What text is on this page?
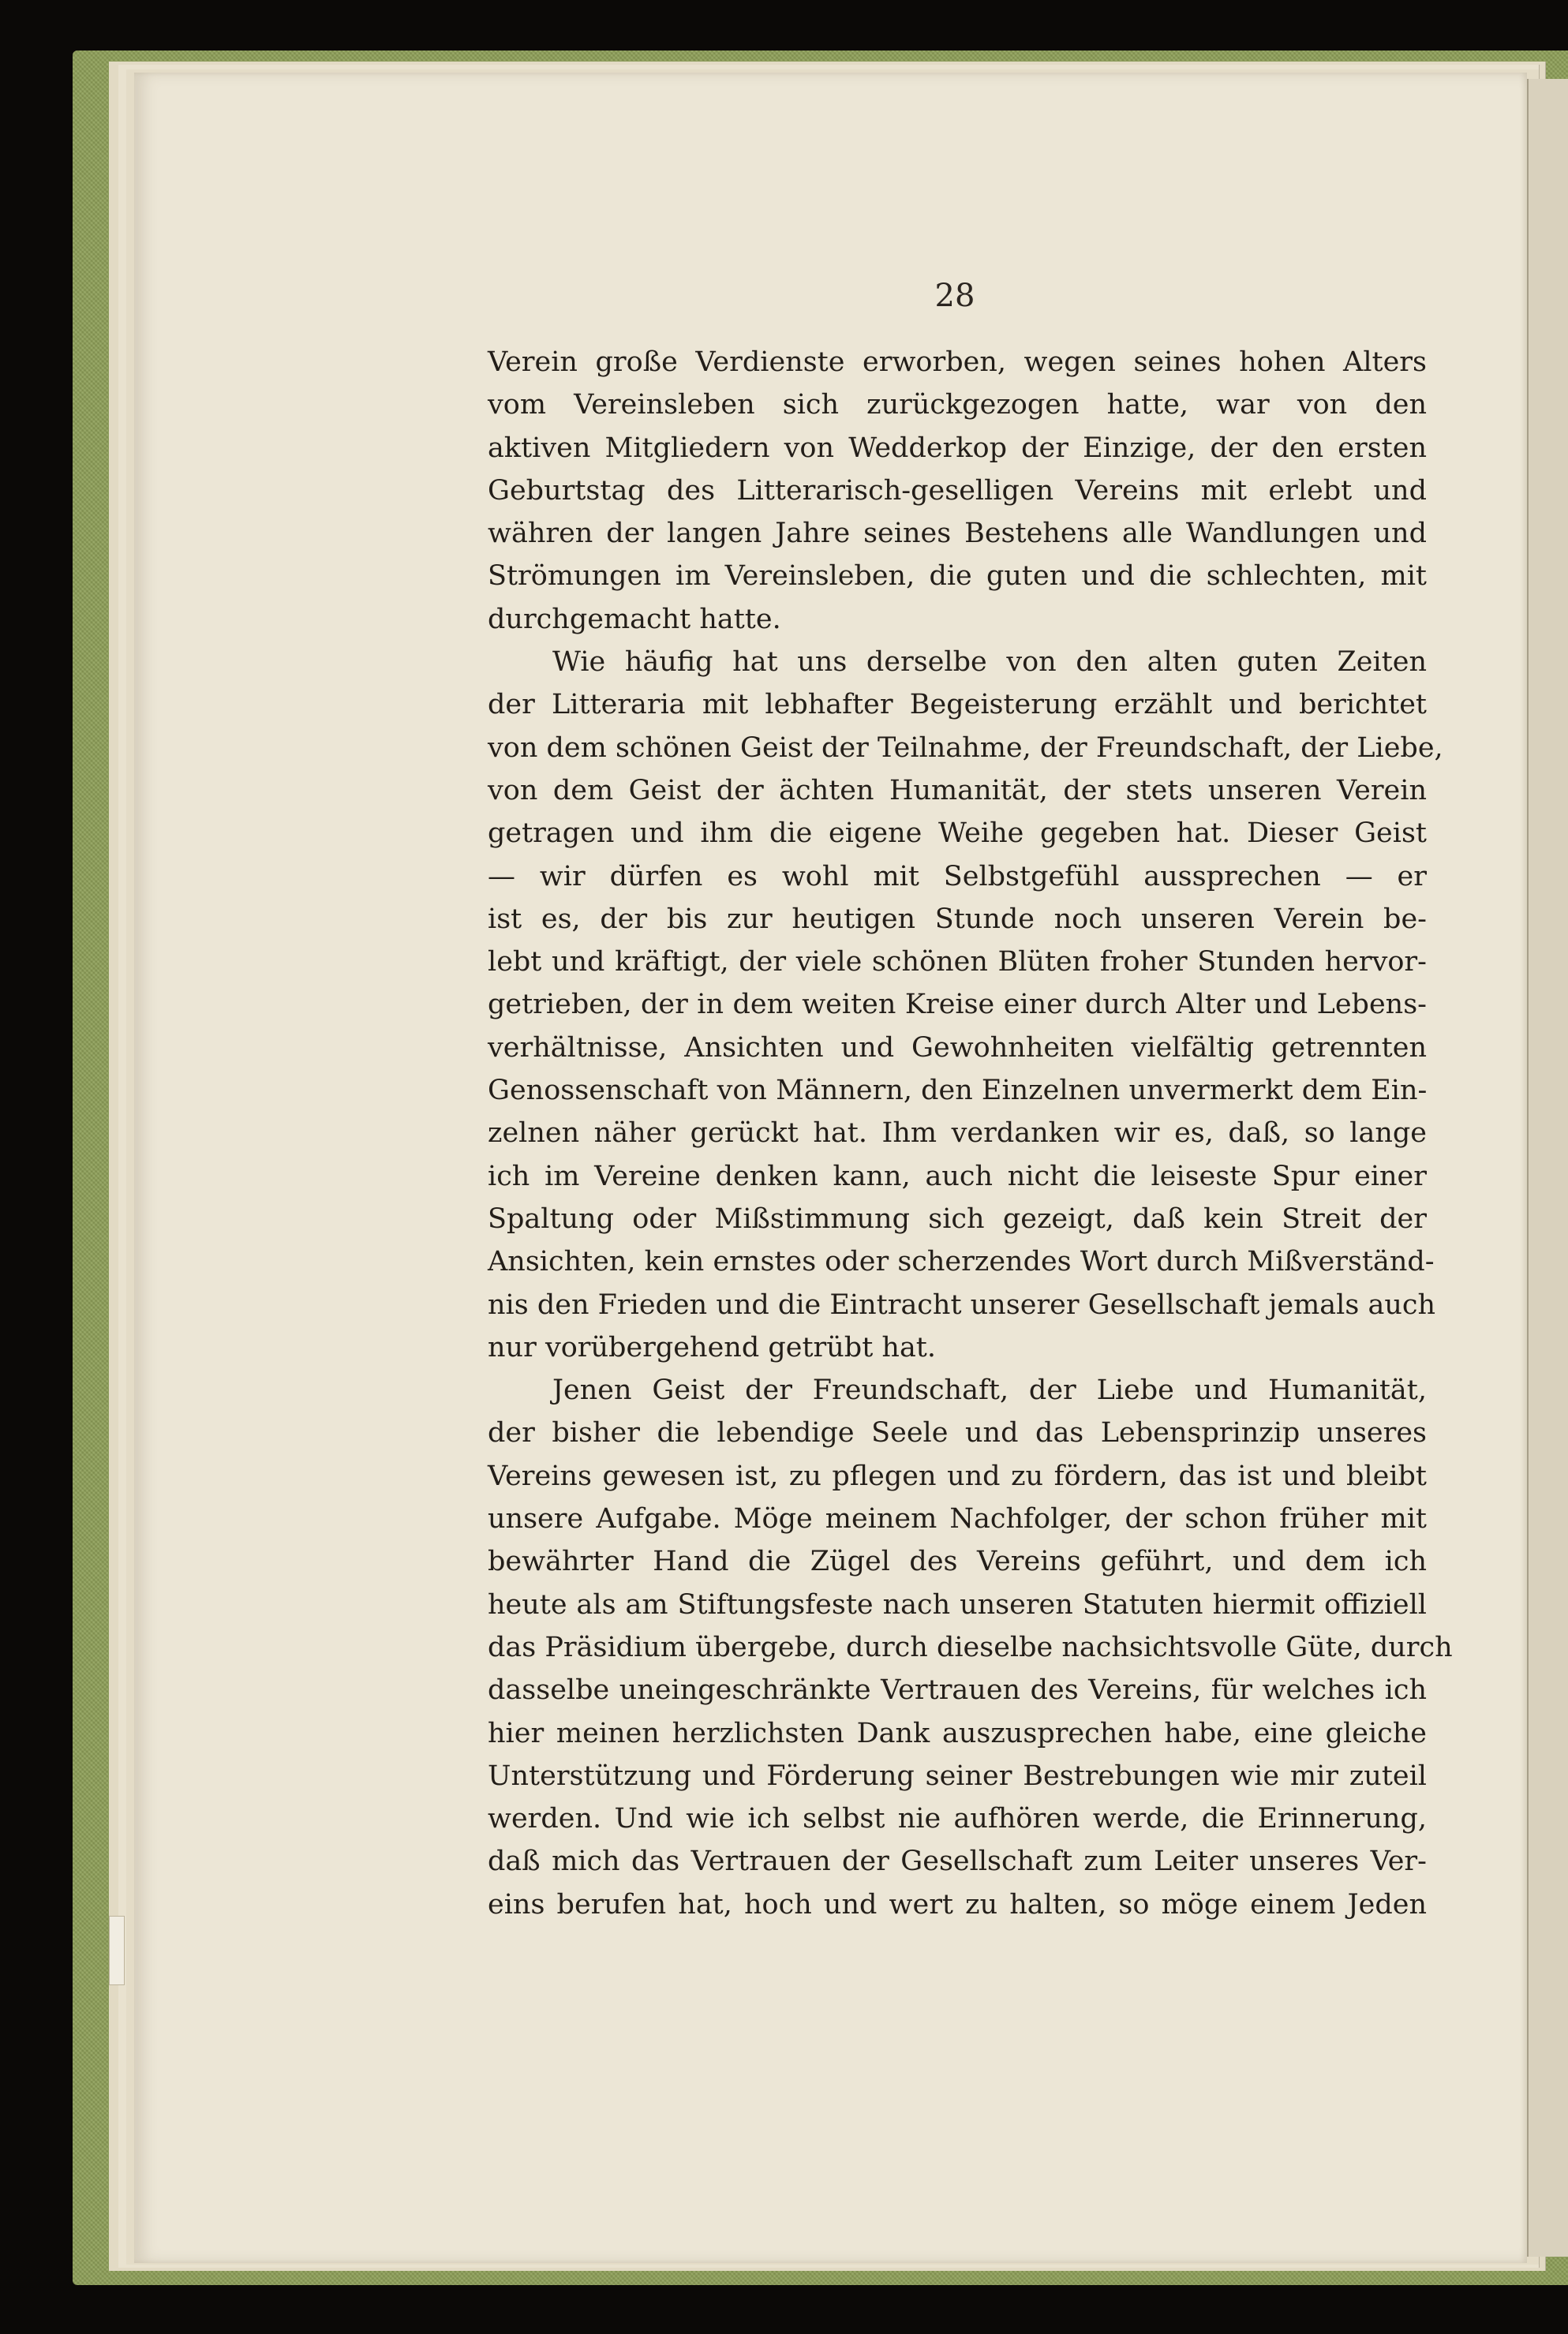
28
Verein große Verdienste erworben, wegen seines hohen Alters
vom Vereinsleben sich zurückgezogen hatte, war von den
aktiven Mitgliedern von Wedderkop der Einzige, der den ersten
Geburtstag des Litterarisch-geselligen Vereins mit erlebt und
währen der langen Jahre seines Bestehens alle Wandlungen und
Strömungen im Vereinsleben, die guten und die schlechten, mit
durchgemacht hatte.
Wie häufig hat uns derselbe von den alten guten Zeiten
der Litteraria mit lebhafter Begeisterung erzählt und berichtet
von dem schönen Geist der Teilnahme, der Freundschaft, der Liebe,
von dem Geist der ächten Humanität, der stets unseren Verein
getragen und ihm die eigene Weihe gegeben hat. Dieser Geist
— wir dürfen es wohl mit Selbstgefühl aussprechen — er
ist es, der bis zur heutigen Stunde noch unseren Verein be-
lebt und kräftigt, der viele schönen Blüten froher Stunden hervor-
getrieben, der in dem weiten Kreise einer durch Alter und Lebens-
verhältnisse, Ansichten und Gewohnheiten vielfältig getrennten
Genossenschaft von Männern, den Einzelnen unvermerkt dem Ein-
zelnen näher gerückt hat. Ihm verdanken wir es, daß, so lange
ich im Vereine denken kann, auch nicht die leiseste Spur einer
Spaltung oder Mißstimmung sich gezeigt, daß kein Streit der
Ansichten, kein ernstes oder scherzendes Wort durch Mißverständ-
nis den Frieden und die Eintracht unserer Gesellschaft jemals auch
nur vorübergehend getrübt hat.
Jenen Geist der Freundschaft, der Liebe und Humanität,
der bisher die lebendige Seele und das Lebensprinzip unseres
Vereins gewesen ist, zu pflegen und zu fördern, das ist und bleibt
unsere Aufgabe. Möge meinem Nachfolger, der schon früher mit
bewährter Hand die Zügel des Vereins geführt, und dem ich
heute als am Stiftungsfeste nach unseren Statuten hiermit offiziell
das Präsidium übergebe, durch dieselbe nachsichtsvolle Güte, durch
dasselbe uneingeschränkte Vertrauen des Vereins, für welches ich
hier meinen herzlichsten Dank auszusprechen habe, eine gleiche
Unterstützung und Förderung seiner Bestrebungen wie mir zuteil
werden. Und wie ich selbst nie aufhören werde, die Erinnerung,
daß mich das Vertrauen der Gesellschaft zum Leiter unseres Ver-
eins berufen hat, hoch und wert zu halten, so möge einem Jeden
